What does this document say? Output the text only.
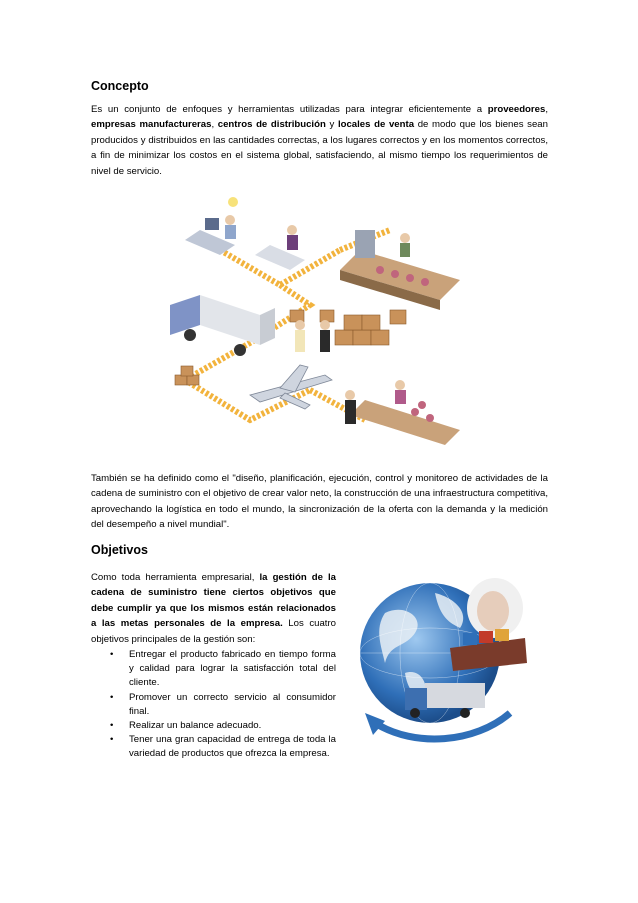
Concepto
Es un conjunto de enfoques y herramientas utilizadas para integrar eficientemente a proveedores, empresas manufactureras, centros de distribución y locales de venta de modo que los bienes sean producidos y distribuidos en las cantidades correctas, a los lugares correctos y en los momentos correctos, a fin de minimizar los costos en el sistema global, satisfaciendo, al mismo tiempo los requerimientos de nivel de servicio.
También se ha definido como el "diseño, planificación, ejecución, control y monitoreo de actividades de la cadena de suministro con el objetivo de crear valor neto, la construcción de una infraestructura competitiva, aprovechando la logística en todo el mundo, la sincronización de la oferta con la demanda y la medición del desempeño a nivel mundial".
Objetivos
Como toda herramienta empresarial, la gestión de la cadena de suministro tiene ciertos objetivos que debe cumplir ya que los mismos están relacionados a las metas personales de la empresa. Los cuatro objetivos principales de la gestión son:
• Entregar el producto fabricado en tiempo forma y calidad para lograr la satisfacción total del cliente.
• Promover un correcto servicio al consumidor final.
• Realizar un balance adecuado.
• Tener una gran capacidad de entrega de toda la variedad de productos que ofrezca la empresa.
